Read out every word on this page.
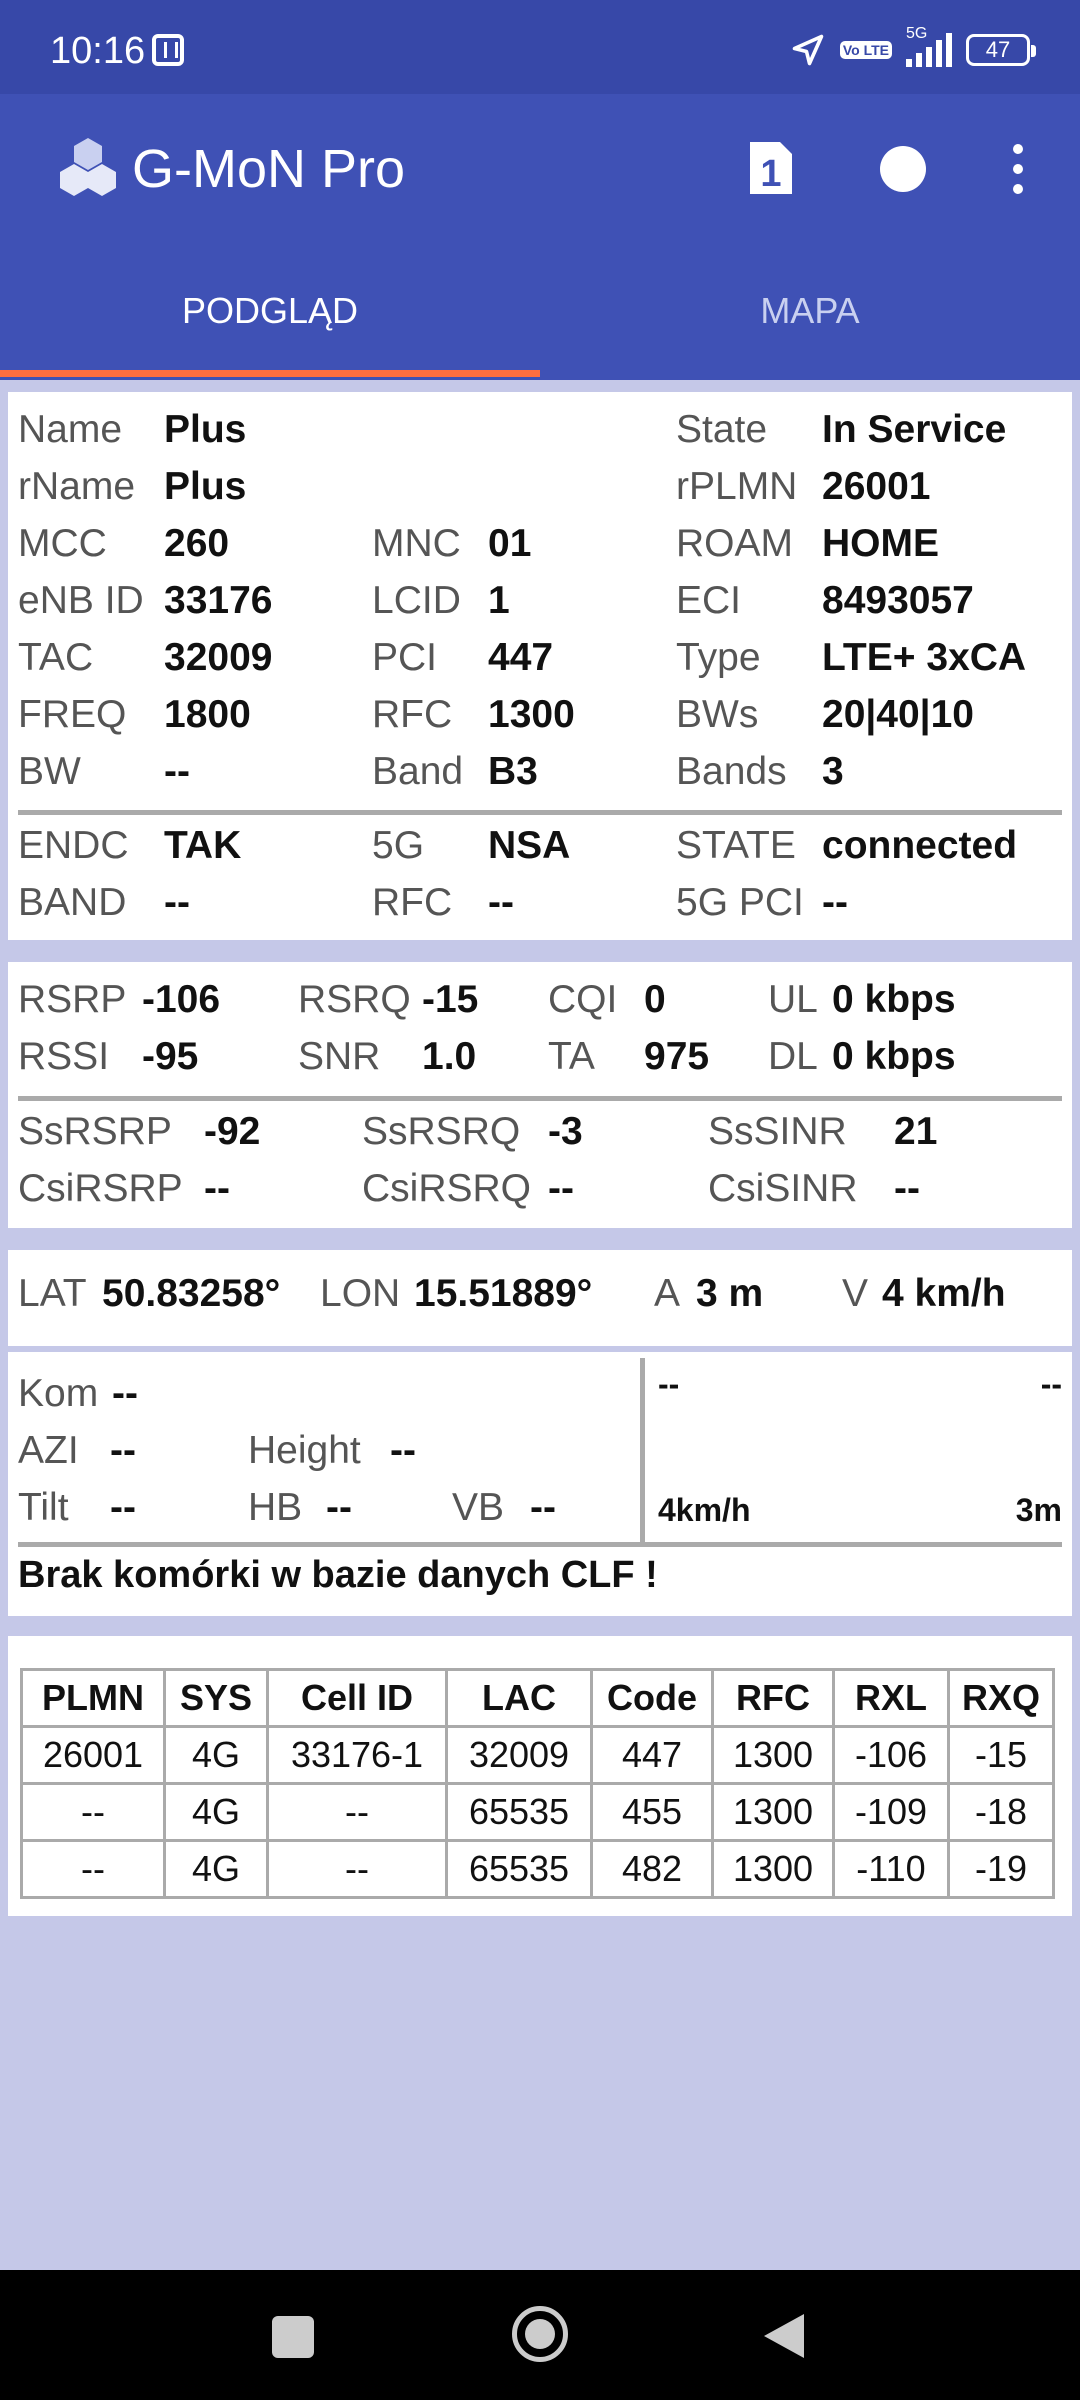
10:16	Vo LTE
5G
47
G-MoN Pro	1
PODGLĄD	MAPA
Name Plus	State In Service
rName Plus	rPLMN 26001
MCC 260	MNC 01	ROAM HOME
eNB ID 33176	LCID 1	ECI 8493057
TAC 32009	PCI 447	Type LTE+ 3xCA
FREQ 1800	RFC 1300	BWs 20|40|10
BW --	Band B3	Bands 3
ENDC TAK	5G NSA	STATE connected
BAND --	RFC --	5G PCI --
RSRP -106 RSRQ -15 CQI 0	UL 0 kbps
RSSI -95	SNR 1.0 TA 975 DL 0 kbps
SsRSRP -92	SsRSRQ -3	SsSINR 21
CsiRSRP --	CsiRSRQ --	CsiSINR --
LAT 50.83258° LON 15.51889° A 3 m V 4 km/h
Kom --
AZI --	Height --
Tilt --	HB --	VB --
--	--
4km/h	3m
Brak komórki w bazie danych CLF !
PLMN	SYS	Cell ID	LAC	Code	RFC	RXL	RXQ
26001	4G	33176-1	32009	447	1300	-106	-15
--	4G	--	65535	455	1300	-109	-18
--	4G	--	65535	482	1300	-110	-19
